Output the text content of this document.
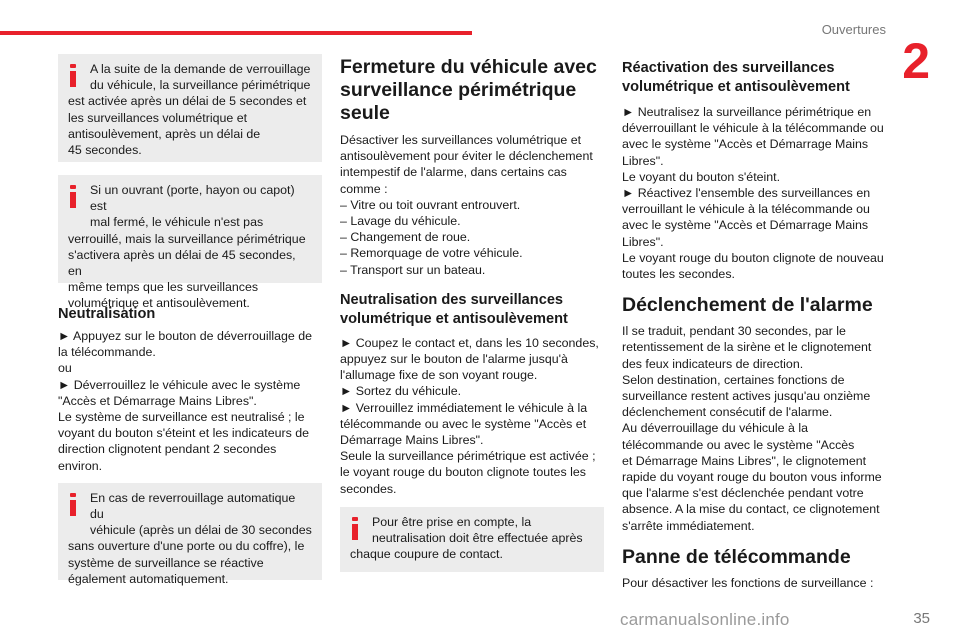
Ouvertures
2
A la suite de la demande de verrouillage
du véhicule, la surveillance périmétrique
est activée après un délai de 5 secondes et
les surveillances volumétrique et
antisoulèvement, après un délai de
45 secondes.
Si un ouvrant (porte, hayon ou capot) est
mal fermé, le véhicule n'est pas
verrouillé, mais la surveillance périmétrique
s'activera après un délai de 45 secondes, en
même temps que les surveillances
volumétrique et antisoulèvement.
Neutralisation

► Appuyez sur le bouton de déverrouillage de
la télécommande.
ou
► Déverrouillez le véhicule avec le système
"Accès et Démarrage Mains Libres".
Le système de surveillance est neutralisé ; le
voyant du bouton s'éteint et les indicateurs de
direction clignotent pendant 2 secondes environ.

En cas de reverrouillage automatique du
véhicule (après un délai de 30 secondes
sans ouverture d'une porte ou du coffre), le
système de surveillance se réactive
également automatiquement.
Fermeture du véhicule avec
surveillance périmétrique
seule

Désactiver les surveillances volumétrique et
antisoulèvement pour éviter le déclenchement
intempestif de l'alarme, dans certains cas
comme :
– Vitre ou toit ouvrant entrouvert.
– Lavage du véhicule.
– Changement de roue.
– Remorquage de votre véhicule.
– Transport sur un bateau.

Neutralisation des surveillances
volumétrique et antisoulèvement

► Coupez le contact et, dans les 10 secondes,
appuyez sur le bouton de l'alarme jusqu'à
l'allumage fixe de son voyant rouge.
► Sortez du véhicule.
► Verrouillez immédiatement le véhicule à la
télécommande ou avec le système "Accès et
Démarrage Mains Libres".
Seule la surveillance périmétrique est activée ;
le voyant rouge du bouton clignote toutes les
secondes.

Pour être prise en compte, la
neutralisation doit être effectuée après
chaque coupure de contact.
Réactivation des surveillances
volumétrique et antisoulèvement

► Neutralisez la surveillance périmétrique en
déverrouillant le véhicule à la télécommande ou
avec le système "Accès et Démarrage Mains
Libres".
Le voyant du bouton s'éteint.
► Réactivez l'ensemble des surveillances en
verrouillant le véhicule à la télécommande ou
avec le système "Accès et Démarrage Mains
Libres".
Le voyant rouge du bouton clignote de nouveau
toutes les secondes.

Déclenchement de l'alarme

Il se traduit, pendant 30 secondes, par le
retentissement de la sirène et le clignotement
des feux indicateurs de direction.
Selon destination, certaines fonctions de
surveillance restent actives jusqu'au onzième
déclenchement consécutif de l'alarme.
Au déverrouillage du véhicule à la
télécommande ou avec le système "Accès
et Démarrage Mains Libres", le clignotement
rapide du voyant rouge du bouton vous informe
que l'alarme s'est déclenchée pendant votre
absence. A la mise du contact, ce clignotement
s'arrête immédiatement.

Panne de télécommande

Pour désactiver les fonctions de surveillance :

carmanualsonline.info	35
